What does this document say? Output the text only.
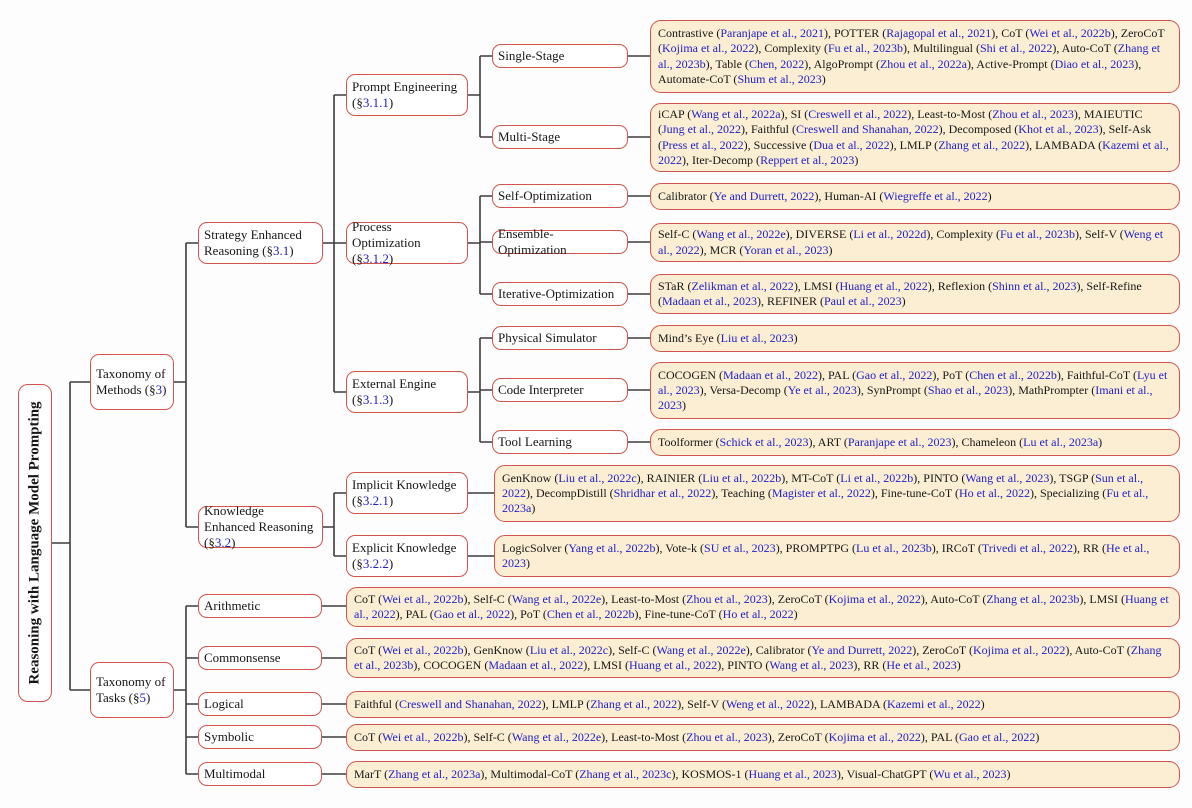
Reasoning with Language Model Prompting
Taxonomy of Methods (§3)
Taxonomy of Tasks (§5)
Strategy Enhanced Reasoning (§3.1)
Knowledge Enhanced Reasoning (§3.2)
Prompt Engineering (§3.1.1)
Process Optimization (§3.1.2)
External Engine (§3.1.3)
Implicit Knowledge (§3.2.1)
Explicit Knowledge (§3.2.2)
Single-Stage
Multi-Stage
Self-Optimization
Ensemble-Optimization
Iterative-Optimization
Physical Simulator
Code Interpreter
Tool Learning
Arithmetic
Commonsense
Logical
Symbolic
Multimodal
Contrastive (Paranjape et al., 2021), POTTER (Rajagopal et al., 2021), CoT (Wei et al., 2022b), ZeroCoT (Kojima et al., 2022), Complexity (Fu et al., 2023b), Multilingual (Shi et al., 2022), Auto-CoT (Zhang et al., 2023b), Table (Chen, 2022), AlgoPrompt (Zhou et al., 2022a), Active-Prompt (Diao et al., 2023), Automate-CoT (Shum et al., 2023)
iCAP (Wang et al., 2022a), SI (Creswell et al., 2022), Least-to-Most (Zhou et al., 2023), MAIEUTIC (Jung et al., 2022), Faithful (Creswell and Shanahan, 2022), Decomposed (Khot et al., 2023), Self-Ask (Press et al., 2022), Successive (Dua et al., 2022), LMLP (Zhang et al., 2022), LAMBADA (Kazemi et al., 2022), Iter-Decomp (Reppert et al., 2023)
Calibrator (Ye and Durrett, 2022), Human-AI (Wiegreffe et al., 2022)
Self-C (Wang et al., 2022e), DIVERSE (Li et al., 2022d), Complexity (Fu et al., 2023b), Self-V (Weng et al., 2022), MCR (Yoran et al., 2023)
STaR (Zelikman et al., 2022), LMSI (Huang et al., 2022), Reflexion (Shinn et al., 2023), Self-Refine (Madaan et al., 2023), REFINER (Paul et al., 2023)
Mind’s Eye (Liu et al., 2023)
COCOGEN (Madaan et al., 2022), PAL (Gao et al., 2022), PoT (Chen et al., 2022b), Faithful-CoT (Lyu et al., 2023), Versa-Decomp (Ye et al., 2023), SynPrompt (Shao et al., 2023), MathPrompter (Imani et al., 2023)
Toolformer (Schick et al., 2023), ART (Paranjape et al., 2023), Chameleon (Lu et al., 2023a)
GenKnow (Liu et al., 2022c), RAINIER (Liu et al., 2022b), MT-CoT (Li et al., 2022b), PINTO (Wang et al., 2023), TSGP (Sun et al., 2022), DecompDistill (Shridhar et al., 2022), Teaching (Magister et al., 2022), Fine-tune-CoT (Ho et al., 2022), Specializing (Fu et al., 2023a)
LogicSolver (Yang et al., 2022b), Vote-k (SU et al., 2023), PROMPTPG (Lu et al., 2023b), IRCoT (Trivedi et al., 2022), RR (He et al., 2023)
CoT (Wei et al., 2022b), Self-C (Wang et al., 2022e), Least-to-Most (Zhou et al., 2023), ZeroCoT (Kojima et al., 2022), Auto-CoT (Zhang et al., 2023b), LMSI (Huang et al., 2022), PAL (Gao et al., 2022), PoT (Chen et al., 2022b), Fine-tune-CoT (Ho et al., 2022)
CoT (Wei et al., 2022b), GenKnow (Liu et al., 2022c), Self-C (Wang et al., 2022e), Calibrator (Ye and Durrett, 2022), ZeroCoT (Kojima et al., 2022), Auto-CoT (Zhang et al., 2023b), COCOGEN (Madaan et al., 2022), LMSI (Huang et al., 2022), PINTO (Wang et al., 2023), RR (He et al., 2023)
Faithful (Creswell and Shanahan, 2022), LMLP (Zhang et al., 2022), Self-V (Weng et al., 2022), LAMBADA (Kazemi et al., 2022)
CoT (Wei et al., 2022b), Self-C (Wang et al., 2022e), Least-to-Most (Zhou et al., 2023), ZeroCoT (Kojima et al., 2022), PAL (Gao et al., 2022)
MarT (Zhang et al., 2023a), Multimodal-CoT (Zhang et al., 2023c), KOSMOS-1 (Huang et al., 2023), Visual-ChatGPT (Wu et al., 2023)
